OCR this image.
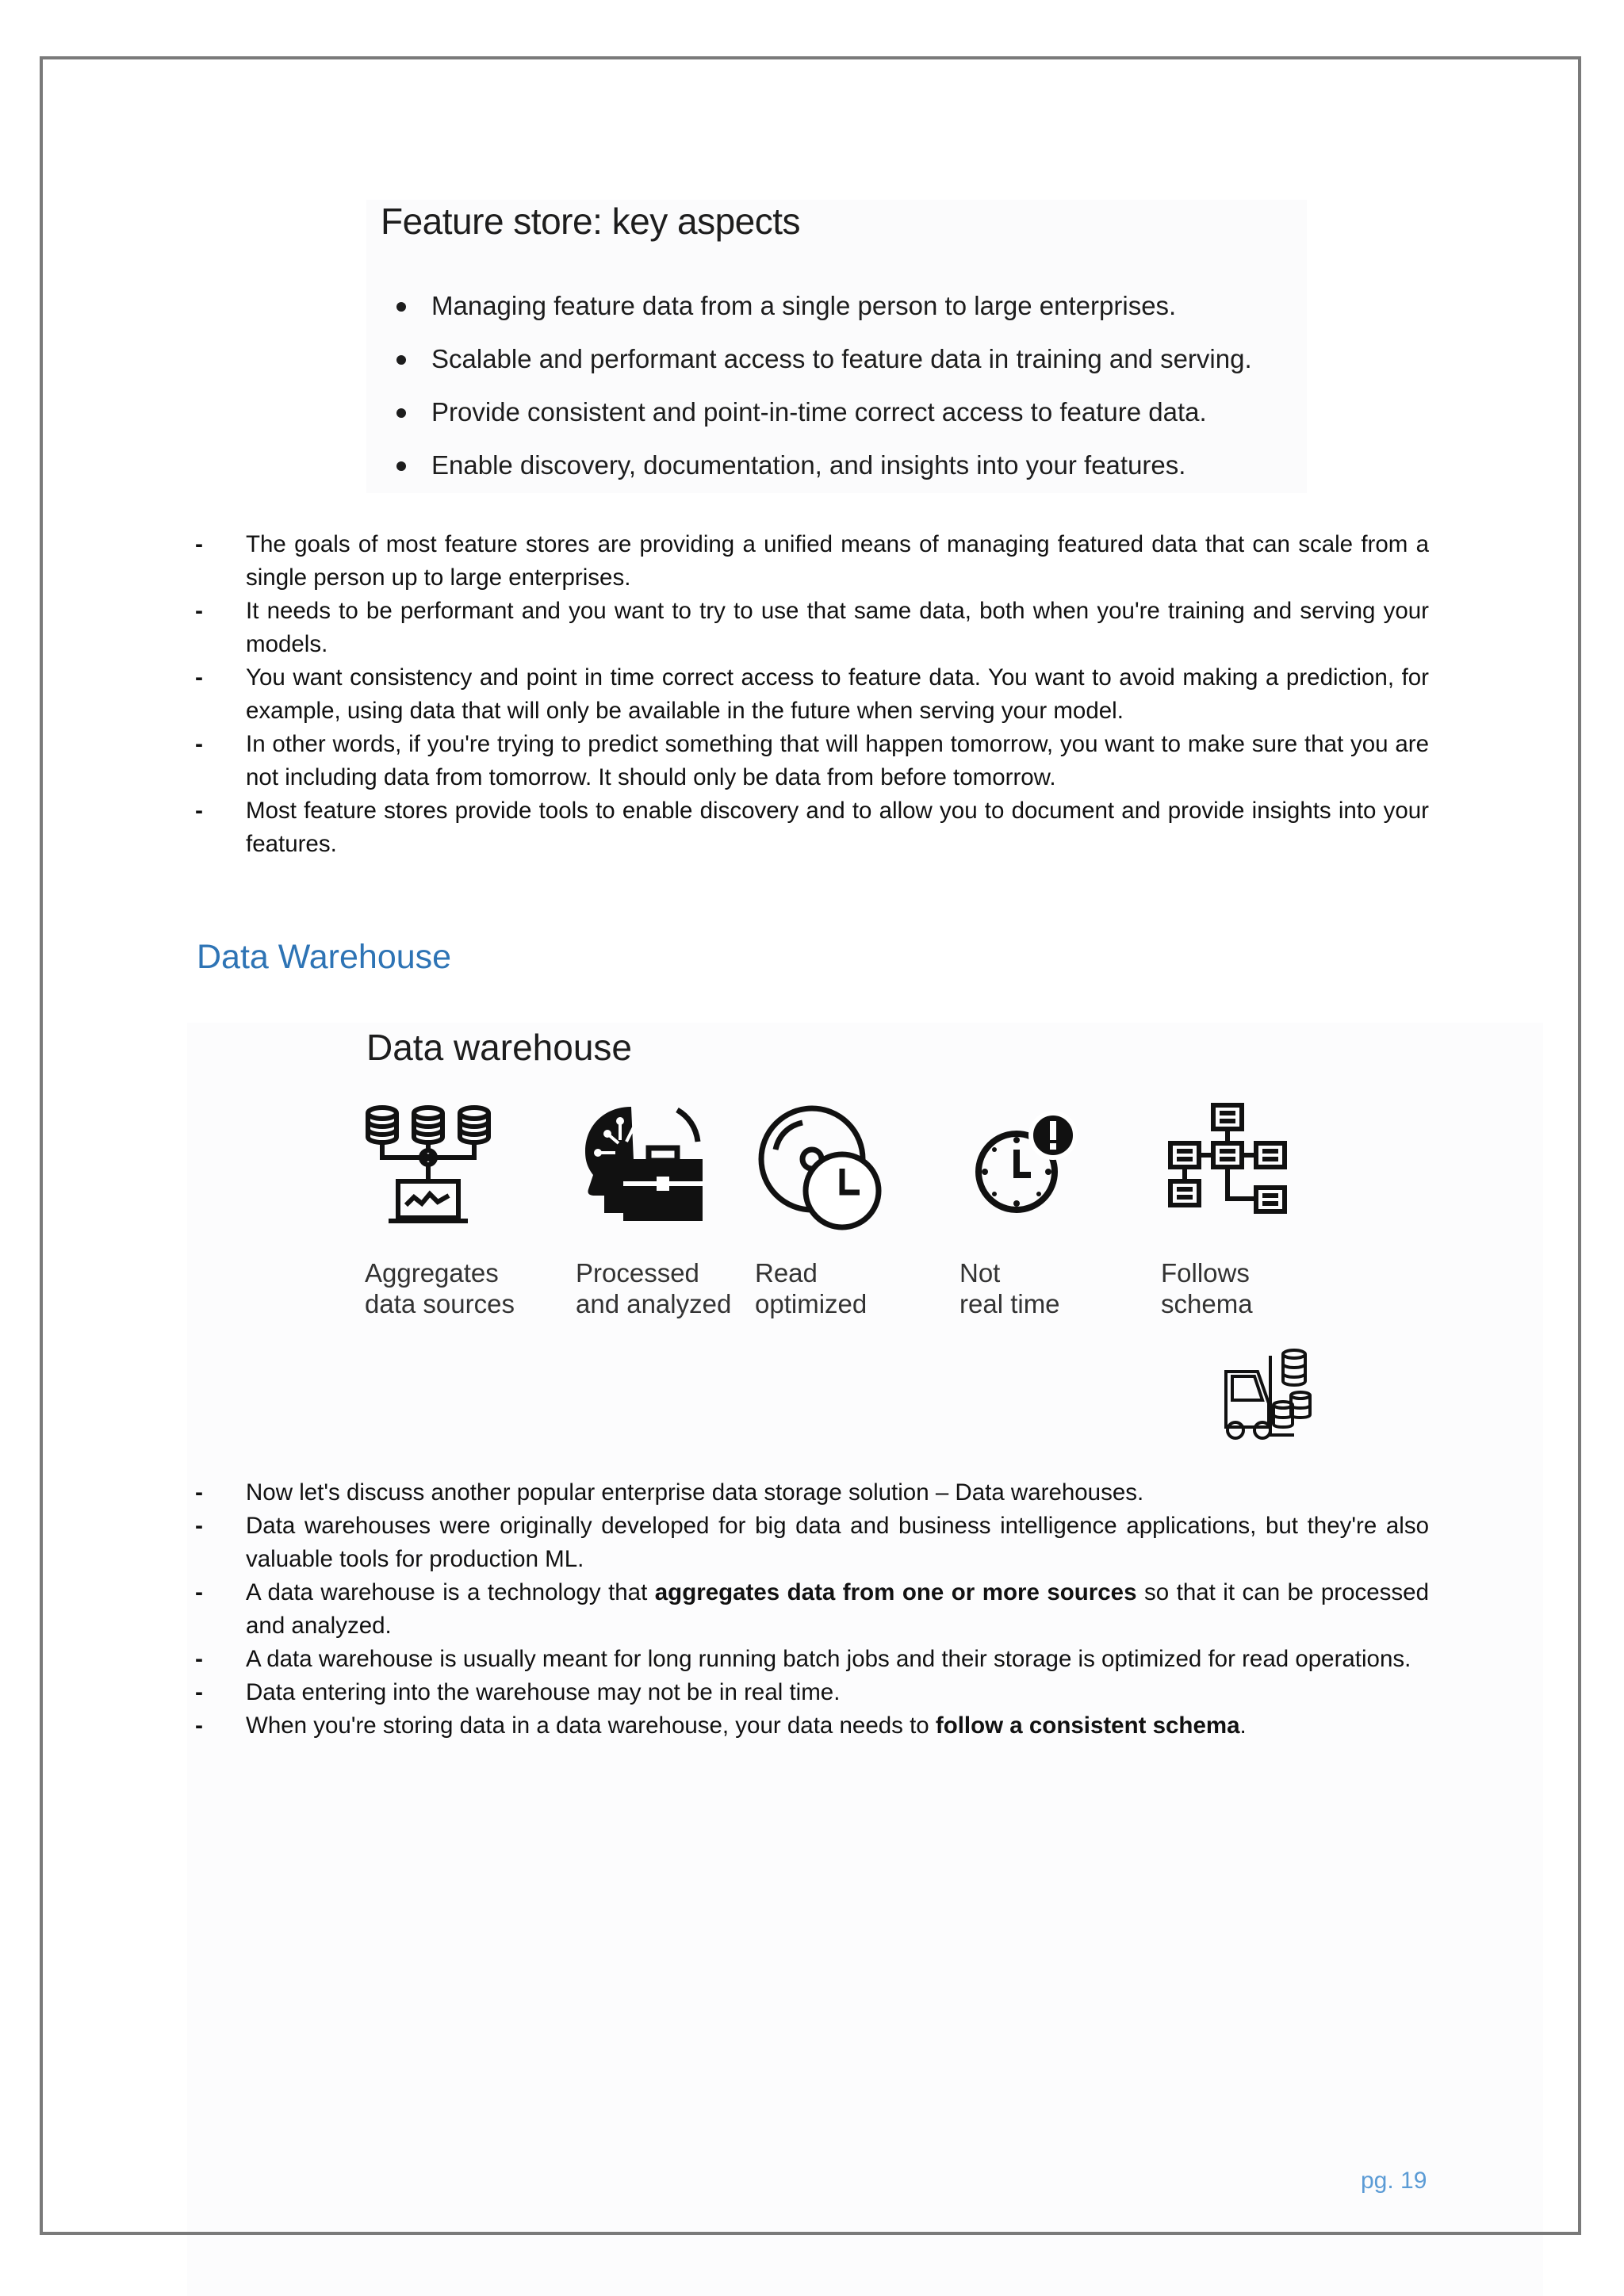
Feature store: key aspects
Managing feature data from a single person to large enterprises.
Scalable and performant access to feature data in training and serving.
Provide consistent and point-in-time correct access to feature data.
Enable discovery, documentation, and insights into your features.
- The goals of most feature stores are providing a unified means of managing featured data that can scale from a single person up to large enterprises.
- It needs to be performant and you want to try to use that same data, both when you're training and serving your models.
- You want consistency and point in time correct access to feature data. You want to avoid making a prediction, for example, using data that will only be available in the future when serving your model.
- In other words, if you're trying to predict something that will happen tomorrow, you want to make sure that you are not including data from tomorrow. It should only be data from before tomorrow.
- Most feature stores provide tools to enable discovery and to allow you to document and provide insights into your features.
Data Warehouse
Data warehouse
Aggregates
data sources
Processed
and analyzed
Read
optimized
Not
real time
Follows
schema
- Now let's discuss another popular enterprise data storage solution – Data warehouses.
- Data warehouses were originally developed for big data and business intelligence applications, but they're also valuable tools for production ML.
- A data warehouse is a technology that aggregates data from one or more sources so that it can be processed and analyzed.
- A data warehouse is usually meant for long running batch jobs and their storage is optimized for read operations.
- Data entering into the warehouse may not be in real time.
- When you're storing data in a data warehouse, your data needs to follow a consistent schema.
pg. 19
